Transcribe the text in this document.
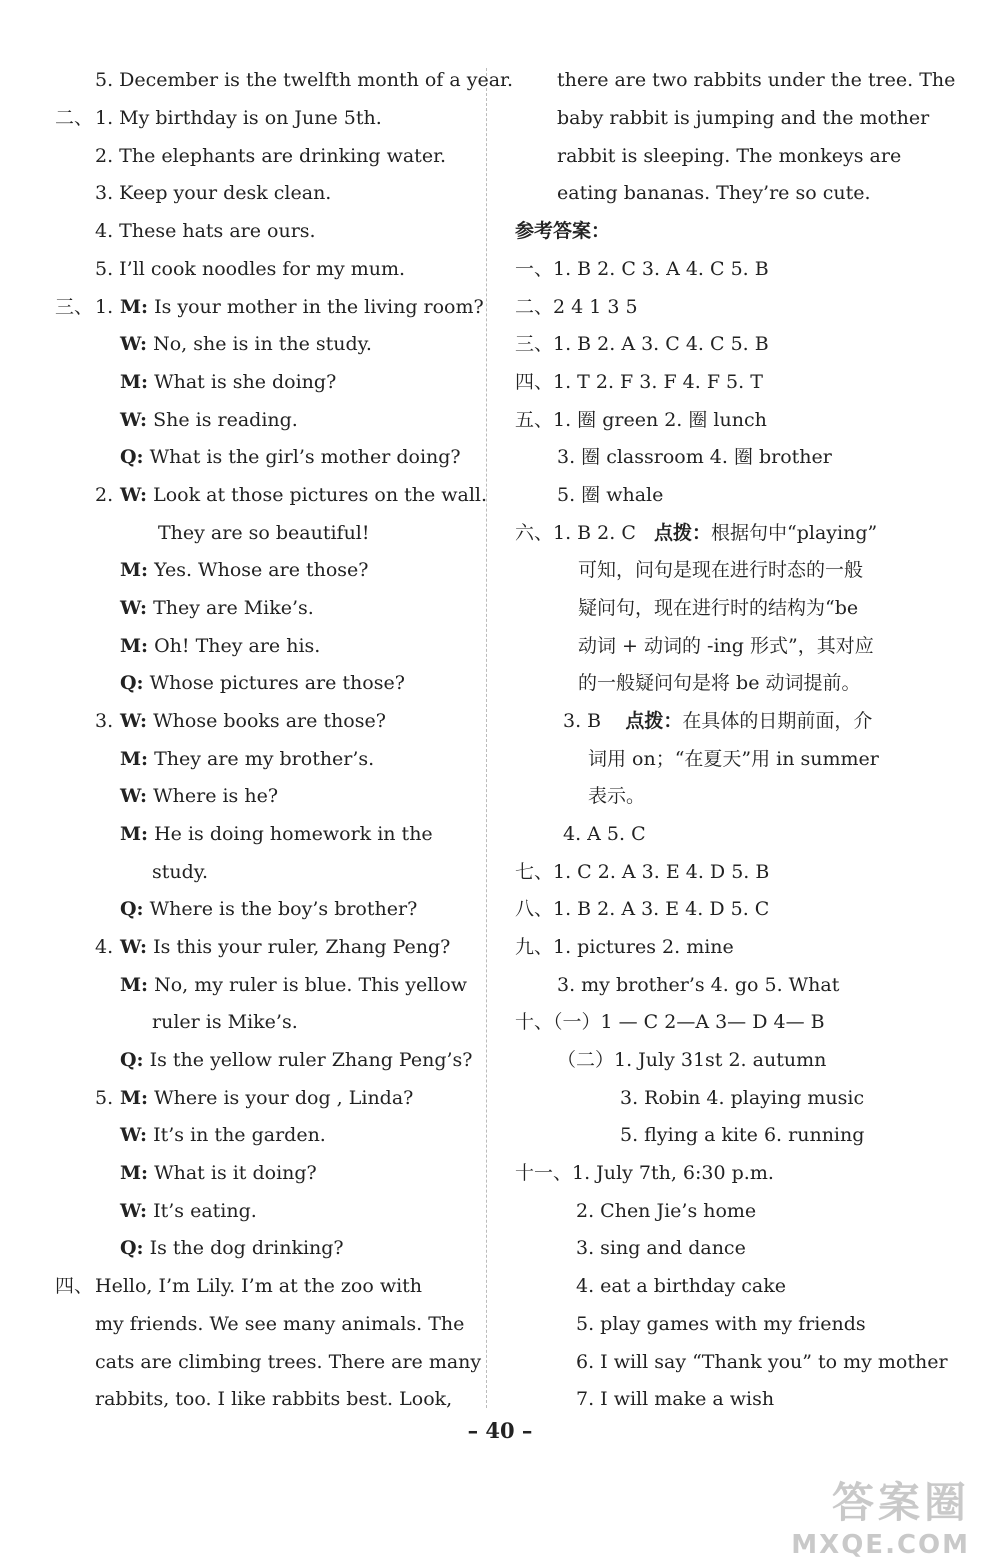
5. December is the twelfth month of a year.
二、 1. My birthday is on June 5th.
2. The elephants are drinking water.
3. Keep your desk clean.
4. These hats are ours.
5. I’ll cook noodles for my mum.
三、 1. M: Is your mother in the living room?
W: No, she is in the study.
M: What is she doing?
W: She is reading.
Q: What is the girl’s mother doing?
2. W: Look at those pictures on the wall.
They are so beautiful!
M: Yes. Whose are those?
W: They are Mike’s.
M: Oh! They are his.
Q: Whose pictures are those?
3. W: Whose books are those?
M: They are my brother’s.
W: Where is he?
M: He is doing homework in the
study.
Q: Where is the boy’s brother?
4. W: Is this your ruler, Zhang Peng?
M: No, my ruler is blue. This yellow
ruler is Mike’s.
Q: Is the yellow ruler Zhang Peng’s?
5. M: Where is your dog , Linda?
W: It’s in the garden.
M: What is it doing?
W: It’s eating.
Q: Is the dog drinking?
四、 Hello, I’m Lily. I’m at the zoo with
my friends. We see many animals. The
cats are climbing trees. There are many
rabbits, too. I like rabbits best. Look,
there are two rabbits under the tree. The
baby rabbit is jumping and the mother
rabbit is sleeping. The monkeys are
eating bananas. They’re so cute.
参考答案：
一、1. B 2. C 3. A 4. C 5. B
二、2 4 1 3 5
三、1. B 2. A 3. C 4. C 5. B
四、1. T 2. F 3. F 4. F 5. T
五、1. 圈 green 2. 圈 lunch
3. 圈 classroom 4. 圈 brother
5. 圈 whale
六、1. B 2. C 点拨：根据句中“playing”
可知，问句是现在进行时态的一般
疑问句，现在进行时的结构为“be
动词 + 动词的 -ing 形式”，其对应
的一般疑问句是将 be 动词提前。
3. B 点拨：在具体的日期前面，介
词用 on；“在夏天”用 in summer
表示。
4. A 5. C
七、1. C 2. A 3. E 4. D 5. B
八、1. B 2. A 3. E 4. D 5. C
九、1. pictures 2. mine
3. my brother’s 4. go 5. What
十、（一）1 — C 2—A 3— D 4— B
（二）1. July 31st 2. autumn
3. Robin 4. playing music
5. flying a kite 6. running
十一、 1. July 7th, 6:30 p.m.
2. Chen Jie’s home
3. sing and dance
4. eat a birthday cake
5. play games with my friends
6. I will say “Thank you” to my mother
7. I will make a wish
– 40 –
答案圈
MXQE.COM
